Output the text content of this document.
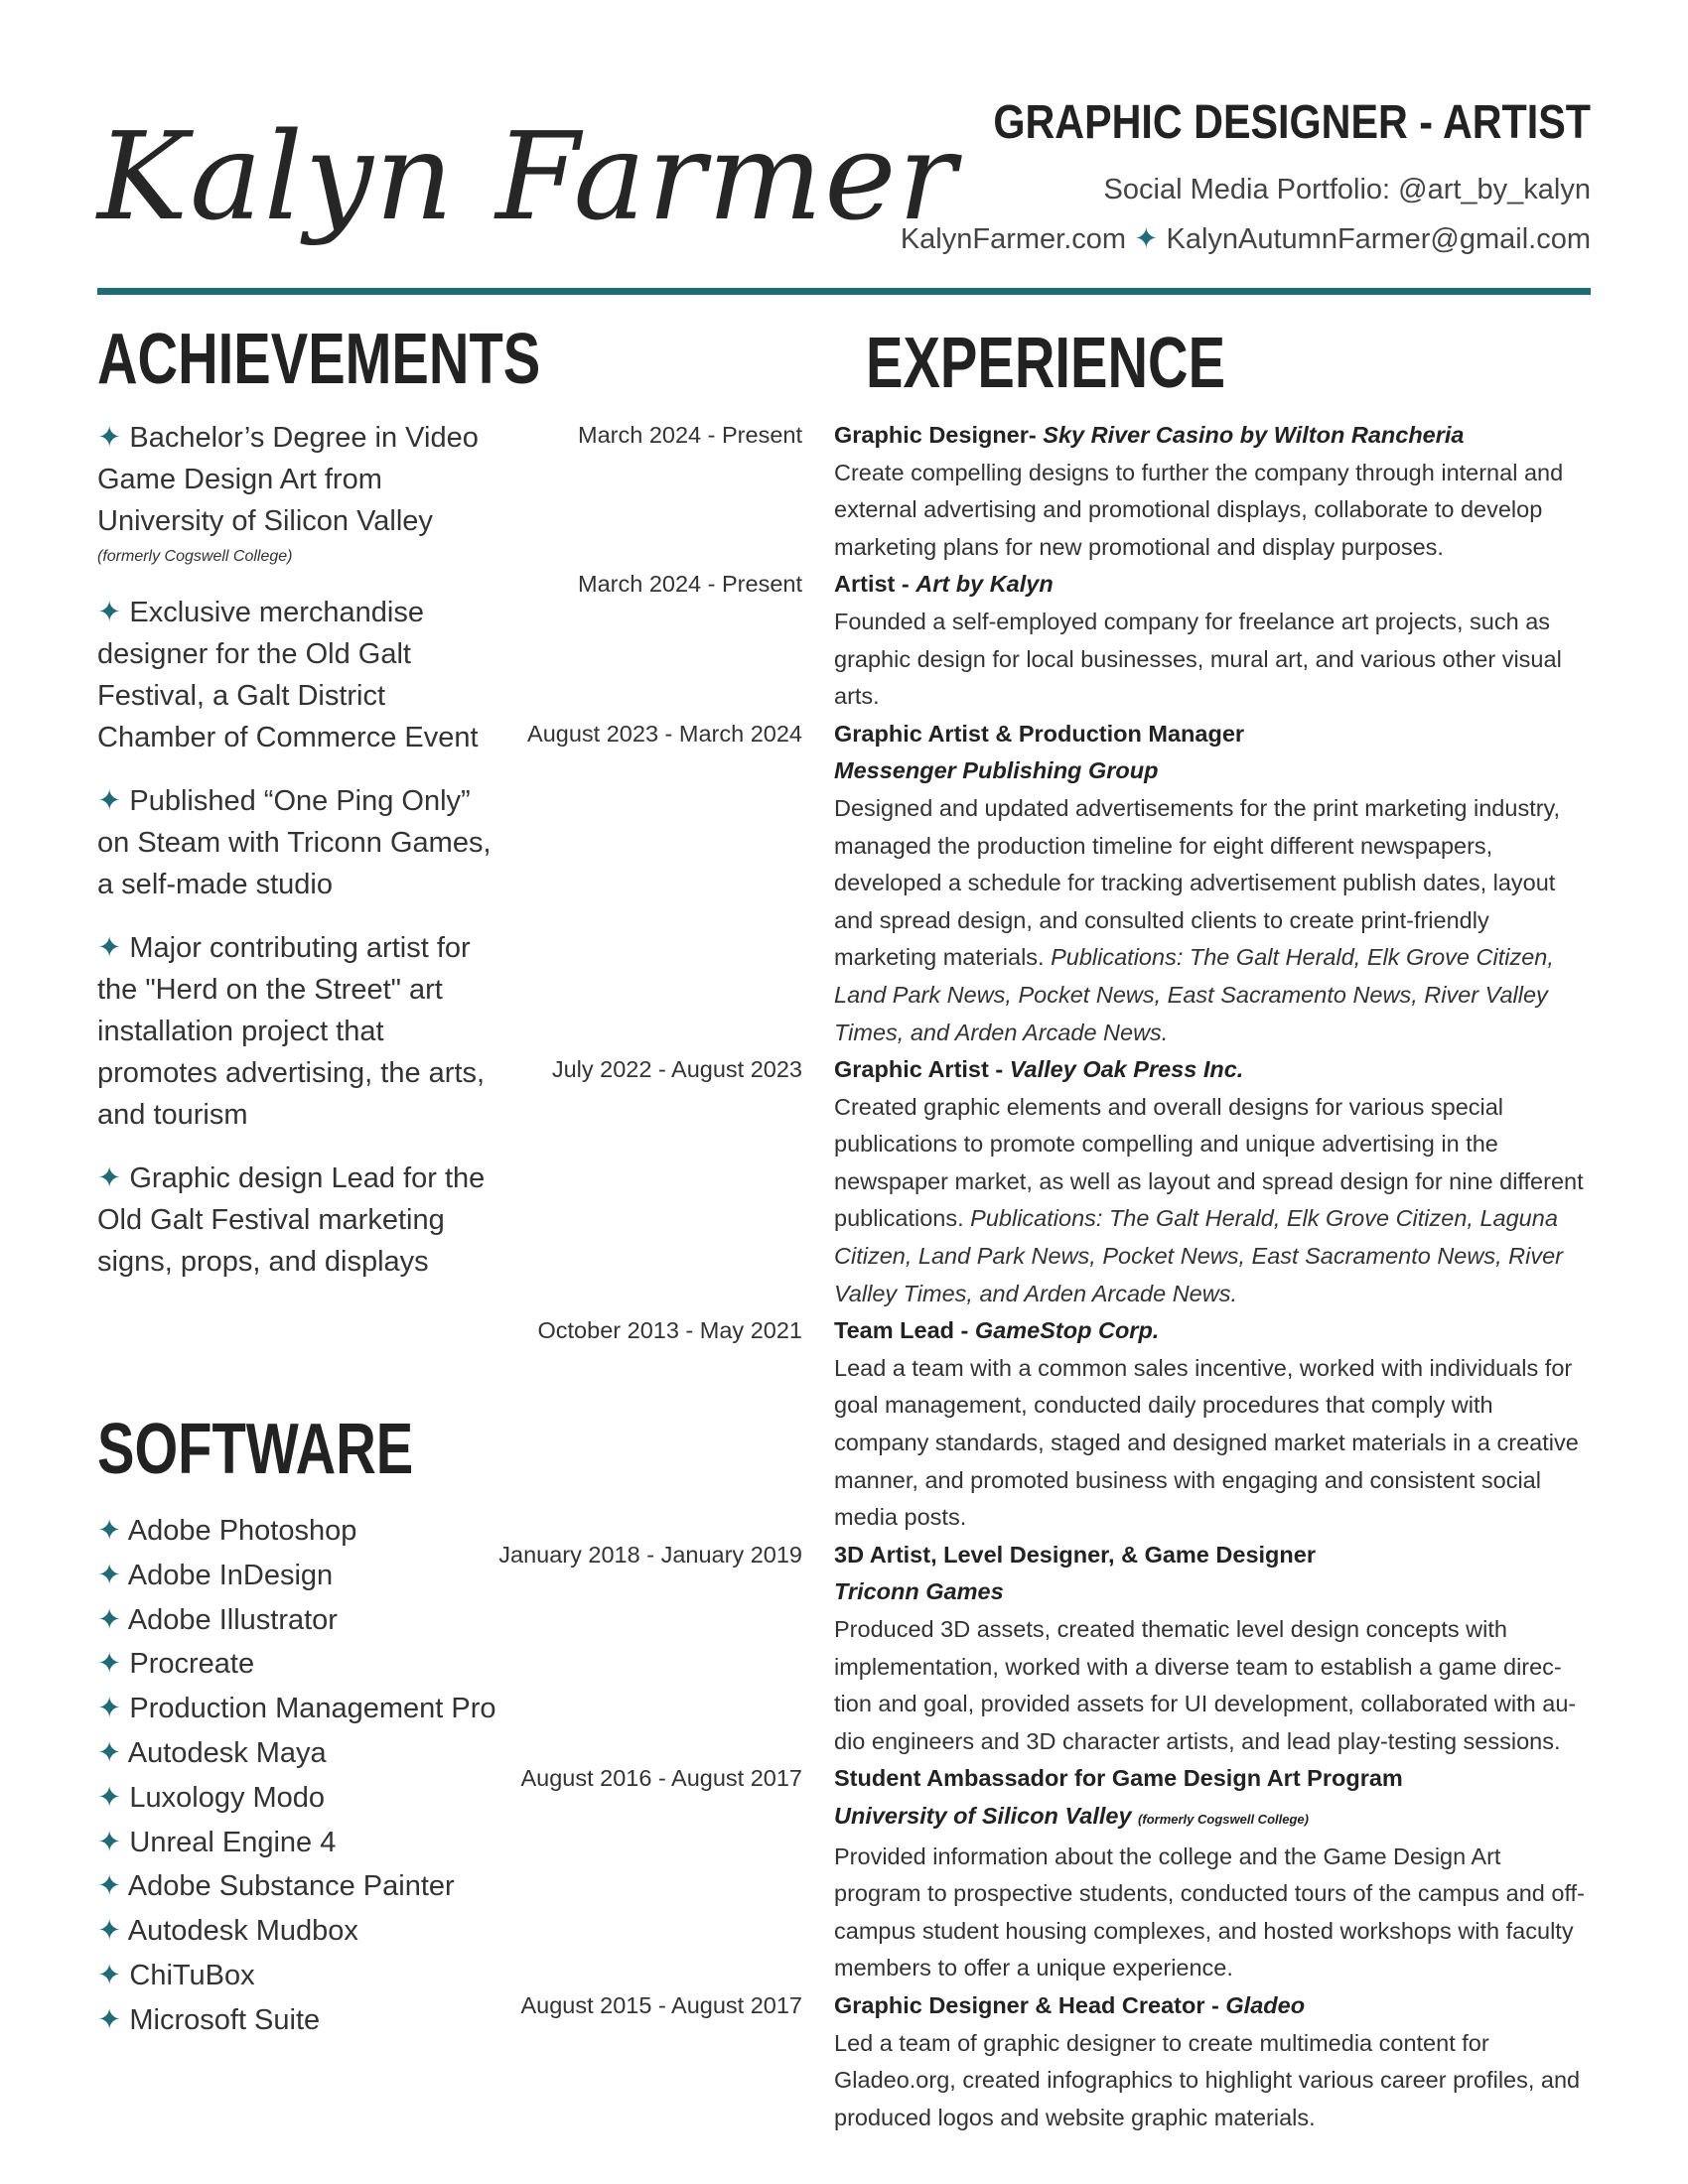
Kalyn Farmer GRAPHIC DESIGNER - ARTIST
Social Media Portfolio: @art_by_kalyn
KalynFarmer.com ✦ KalynAutumnFarmer@gmail.com
ACHIEVEMENTS
✦ Bachelor’s Degree in Video Game Design Art from University of Silicon Valley
(formerly Cogswell College)
✦ Exclusive merchandise designer for the Old Galt Festival, a Galt District Chamber of Commerce Event
✦ Published “One Ping Only” on Steam with Triconn Games, a self-made studio
✦ Major contributing artist for the "Herd on the Street" art installation project that promotes advertising, the arts, and tourism
✦ Graphic design Lead for the Old Galt Festival marketing signs, props, and displays
SOFTWARE
✦ Adobe Photoshop
✦ Adobe InDesign
✦ Adobe Illustrator
✦ Procreate
✦ Production Management Pro
✦ Autodesk Maya
✦ Luxology Modo
✦ Unreal Engine 4
✦ Adobe Substance Painter
✦ Autodesk Mudbox
✦ ChiTuBox
✦ Microsoft Suite
EXPERIENCE
March 2024 - Present	Graphic Designer- Sky River Casino by Wilton Rancheria
Create compelling designs to further the company through internal and external advertising and promotional displays, collaborate to develop marketing plans for new promotional and display purposes.
March 2024 - Present	Artist - Art by Kalyn
Founded a self-employed company for freelance art projects, such as graphic design for local businesses, mural art, and various other visual arts.
August 2023 - March 2024	Graphic Artist & Production Manager
Messenger Publishing Group
Designed and updated advertisements for the print marketing industry, managed the production timeline for eight different newspapers, developed a schedule for tracking advertisement publish dates, layout and spread design, and consulted clients to create print-friendly marketing materials. Publications: The Galt Herald, Elk Grove Citizen, Land Park News, Pocket News, East Sacramento News, River Valley Times, and Arden Arcade News.
July 2022 - August 2023	Graphic Artist - Valley Oak Press Inc.
Created graphic elements and overall designs for various special publications to promote compelling and unique advertising in the newspaper market, as well as layout and spread design for nine different publications. Publications: The Galt Herald, Elk Grove Citizen, Laguna Citizen, Land Park News, Pocket News, East Sacramento News, River Valley Times, and Arden Arcade News.
October 2013 - May 2021	Team Lead - GameStop Corp.
Lead a team with a common sales incentive, worked with individuals for goal management, conducted daily procedures that comply with company standards, staged and designed market materials in a creative manner, and promoted business with engaging and consistent social media posts.
January 2018 - January 2019	3D Artist, Level Designer, & Game Designer
Triconn Games
Produced 3D assets, created thematic level design concepts with implementation, worked with a diverse team to establish a game direc-tion and goal, provided assets for UI development, collaborated with au-dio engineers and 3D character artists, and lead play-testing sessions.
August 2016 - August 2017	Student Ambassador for Game Design Art Program
University of Silicon Valley (formerly Cogswell College)
Provided information about the college and the Game Design Art program to prospective students, conducted tours of the campus and off-campus student housing complexes, and hosted workshops with faculty members to offer a unique experience.
August 2015 - August 2017	Graphic Designer & Head Creator - Gladeo
Led a team of graphic designer to create multimedia content for Gladeo.org, created infographics to highlight various career profiles, and produced logos and website graphic materials.
